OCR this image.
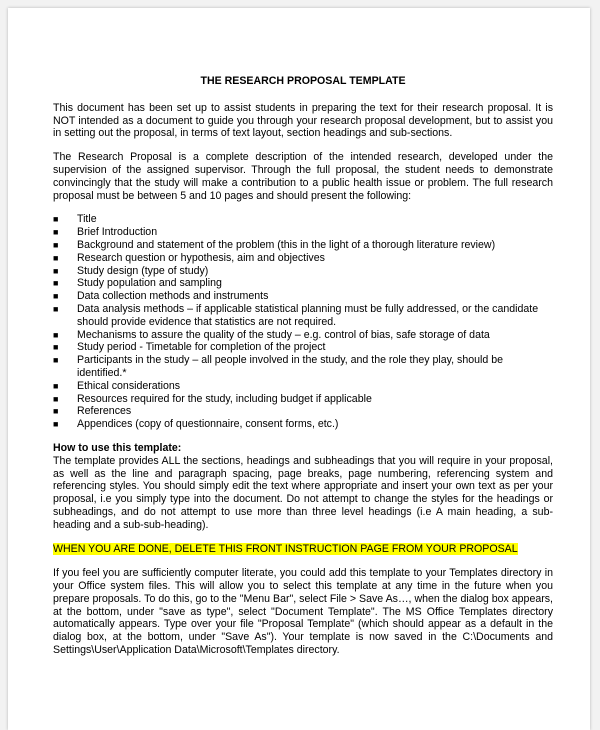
THE RESEARCH PROPOSAL TEMPLATE

This document has been set up to assist students in preparing the text for their research proposal. It is NOT intended as a document to guide you through your research proposal development, but to assist you in setting out the proposal, in terms of text layout, section headings and sub-sections.

The Research Proposal is a complete description of the intended research, developed under the supervision of the assigned supervisor. Through the full proposal, the student needs to demonstrate convincingly that the study will make a contribution to a public health issue or problem. The full research proposal must be between 5 and 10 pages and should present the following:

■ Title
■ Brief Introduction
■ Background and statement of the problem (this in the light of a thorough literature review)
■ Research question or hypothesis, aim and objectives
■ Study design (type of study)
■ Study population and sampling
■ Data collection methods and instruments
■ Data analysis methods – if applicable statistical planning must be fully addressed, or the candidate should provide evidence that statistics are not required.
■ Mechanisms to assure the quality of the study – e.g. control of bias, safe storage of data
■ Study period - Timetable for completion of the project
■ Participants in the study – all people involved in the study, and the role they play, should be identified.*
■ Ethical considerations
■ Resources required for the study, including budget if applicable
■ References
■ Appendices (copy of questionnaire, consent forms, etc.)
How to use this template:

The template provides ALL the sections, headings and subheadings that you will require in your proposal, as well as the line and paragraph spacing, page breaks, page numbering, referencing system and referencing styles. You should simply edit the text where appropriate and insert your own text as per your proposal, i.e you simply type into the document. Do not attempt to change the styles for the headings or subheadings, and do not attempt to use more than three level headings (i.e A main heading, a sub-heading and a sub-sub-heading).

WHEN YOU ARE DONE, DELETE THIS FRONT INSTRUCTION PAGE FROM YOUR PROPOSAL

If you feel you are sufficiently computer literate, you could add this template to your Templates directory in your Office system files. This will allow you to select this template at any time in the future when you prepare proposals. To do this, go to the "Menu Bar", select File > Save As…, when the dialog box appears, at the bottom, under "save as type", select "Document Template". The MS Office Templates directory automatically appears. Type over your file "Proposal Template" (which should appear as a default in the dialog box, at the bottom, under "Save As"). Your template is now saved in the C:\Documents and Settings\User\Application Data\Microsoft\Templates directory.
